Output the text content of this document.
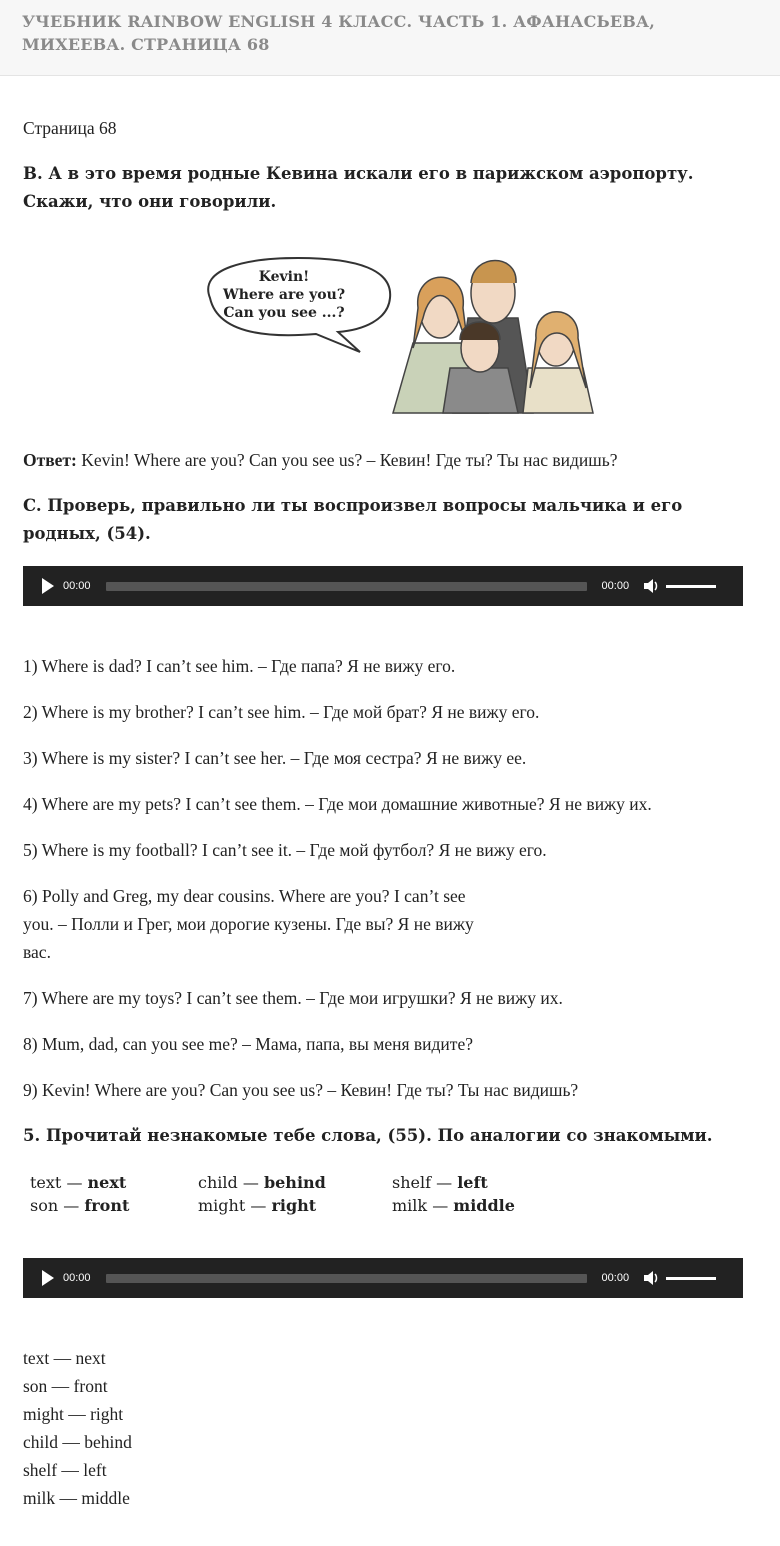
УЧЕБНИК RAINBOW ENGLISH 4 КЛАСС. ЧАСТЬ 1. АФАНАСЬЕВА, МИХЕЕВА. СТРАНИЦА 68

Страница 68

B. А в это время родные Кевина искали его в парижском аэропорту. Скажи, что они говорили.

Kevin!
Where are you?
Can you see ...?

Ответ: Kevin! Where are you? Can you see us? – Кевин! Где ты? Ты нас видишь?

C. Проверь, правильно ли ты воспроизвел вопросы мальчика и его родных, (54).

00:00	00:00

1) Where is dad? I can’t see him. – Где папа? Я не вижу его.

2) Where is my brother? I can’t see him. – Где мой брат? Я не вижу его.

3) Where is my sister? I can’t see her. – Где моя сестра? Я не вижу ее.

4) Where are my pets? I can’t see them. – Где мои домашние животные? Я не вижу их.

5) Where is my football? I can’t see it. – Где мой футбол? Я не вижу его.

6) Polly and Greg, my dear cousins. Where are you? I can’t see

you. – Полли и Грег, мои дорогие кузены. Где вы? Я не вижу

вас.

7) Where are my toys? I can’t see them. – Где мои игрушки? Я не вижу их.

8) Mum, dad, can you see me? – Мама, папа, вы меня видите?

9) Kevin! Where are you? Can you see us? – Кевин! Где ты? Ты нас видишь?

5. Прочитай незнакомые тебе слова, (55). По аналогии со знакомыми.

text — next
son — front
child — behind
might — right
shelf — left
milk — middle
00:00	00:00

text — next

son — front

might — right

child — behind

shelf — left

milk — middle
